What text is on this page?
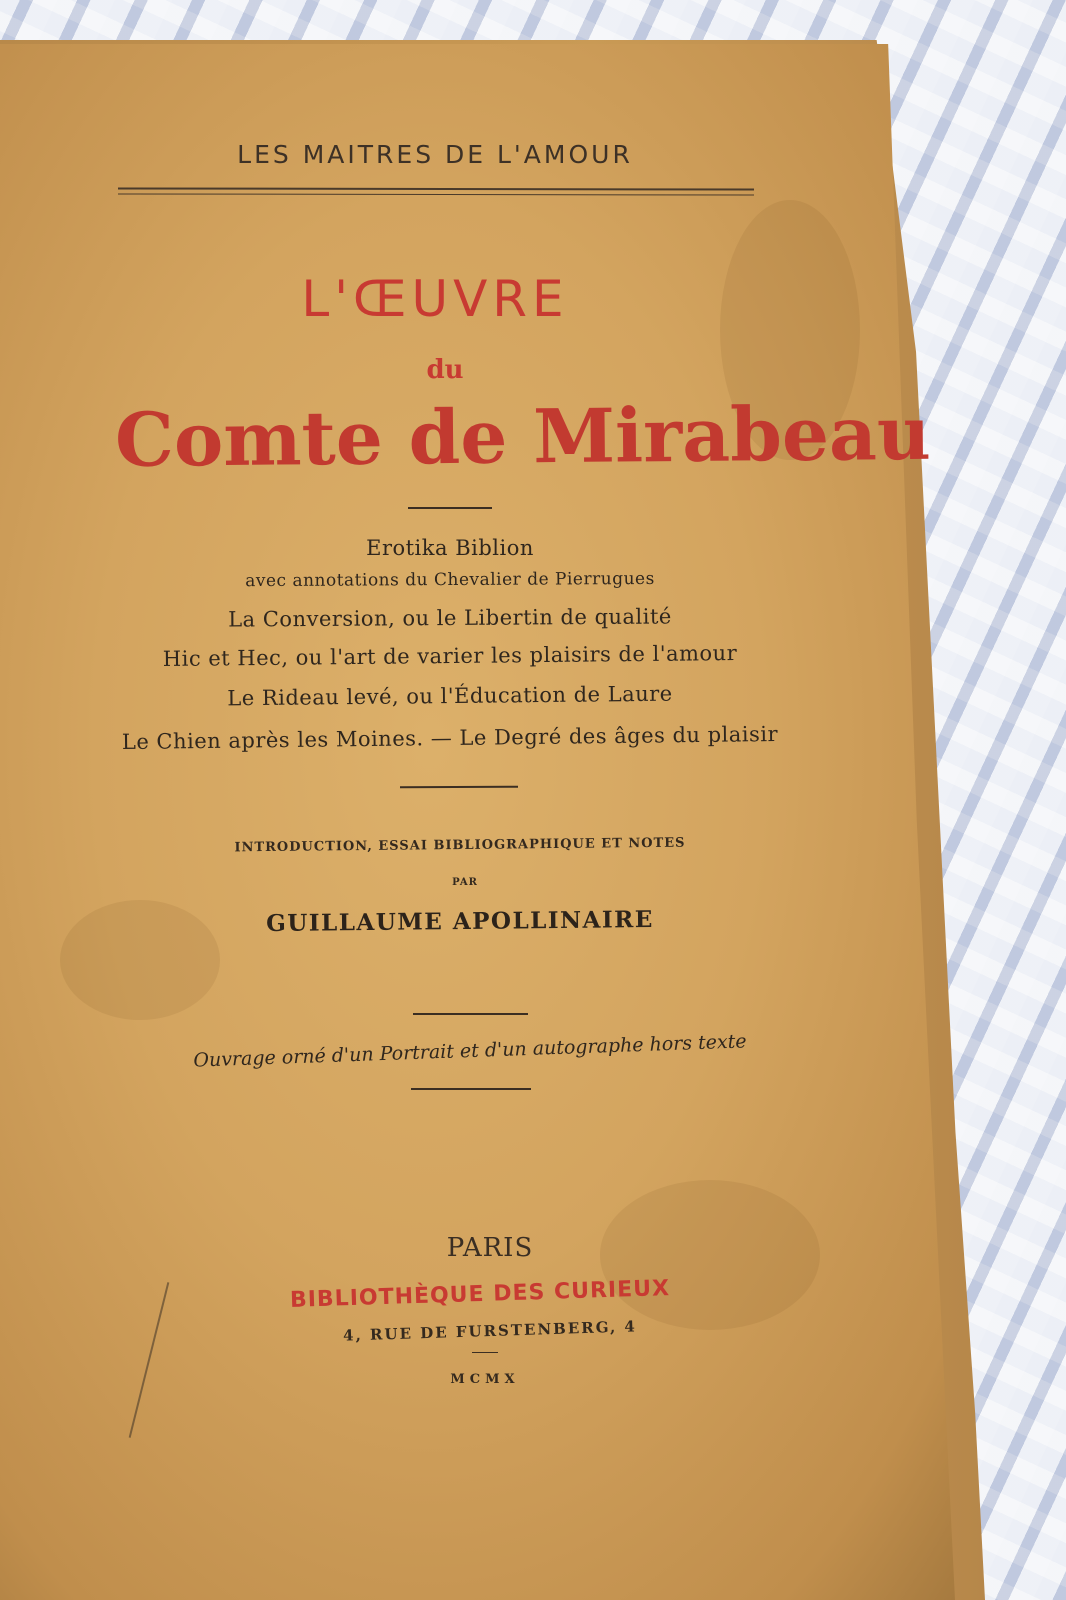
LES MAITRES DE L'AMOUR
L'ŒUVRE
du
Comte de Mirabeau
Erotika Biblion
avec annotations du Chevalier de Pierrugues
La Conversion, ou le Libertin de qualité
Hic et Hec, ou l'art de varier les plaisirs de l'amour
Le Rideau levé, ou l'Éducation de Laure
Le Chien après les Moines. — Le Degré des âges du plaisir
INTRODUCTION, ESSAI BIBLIOGRAPHIQUE ET NOTES
PAR
GUILLAUME APOLLINAIRE
Ouvrage orné d'un Portrait et d'un autographe hors texte
PARIS
BIBLIOTHÈQUE DES CURIEUX
4, RUE DE FURSTENBERG, 4
MCMX
